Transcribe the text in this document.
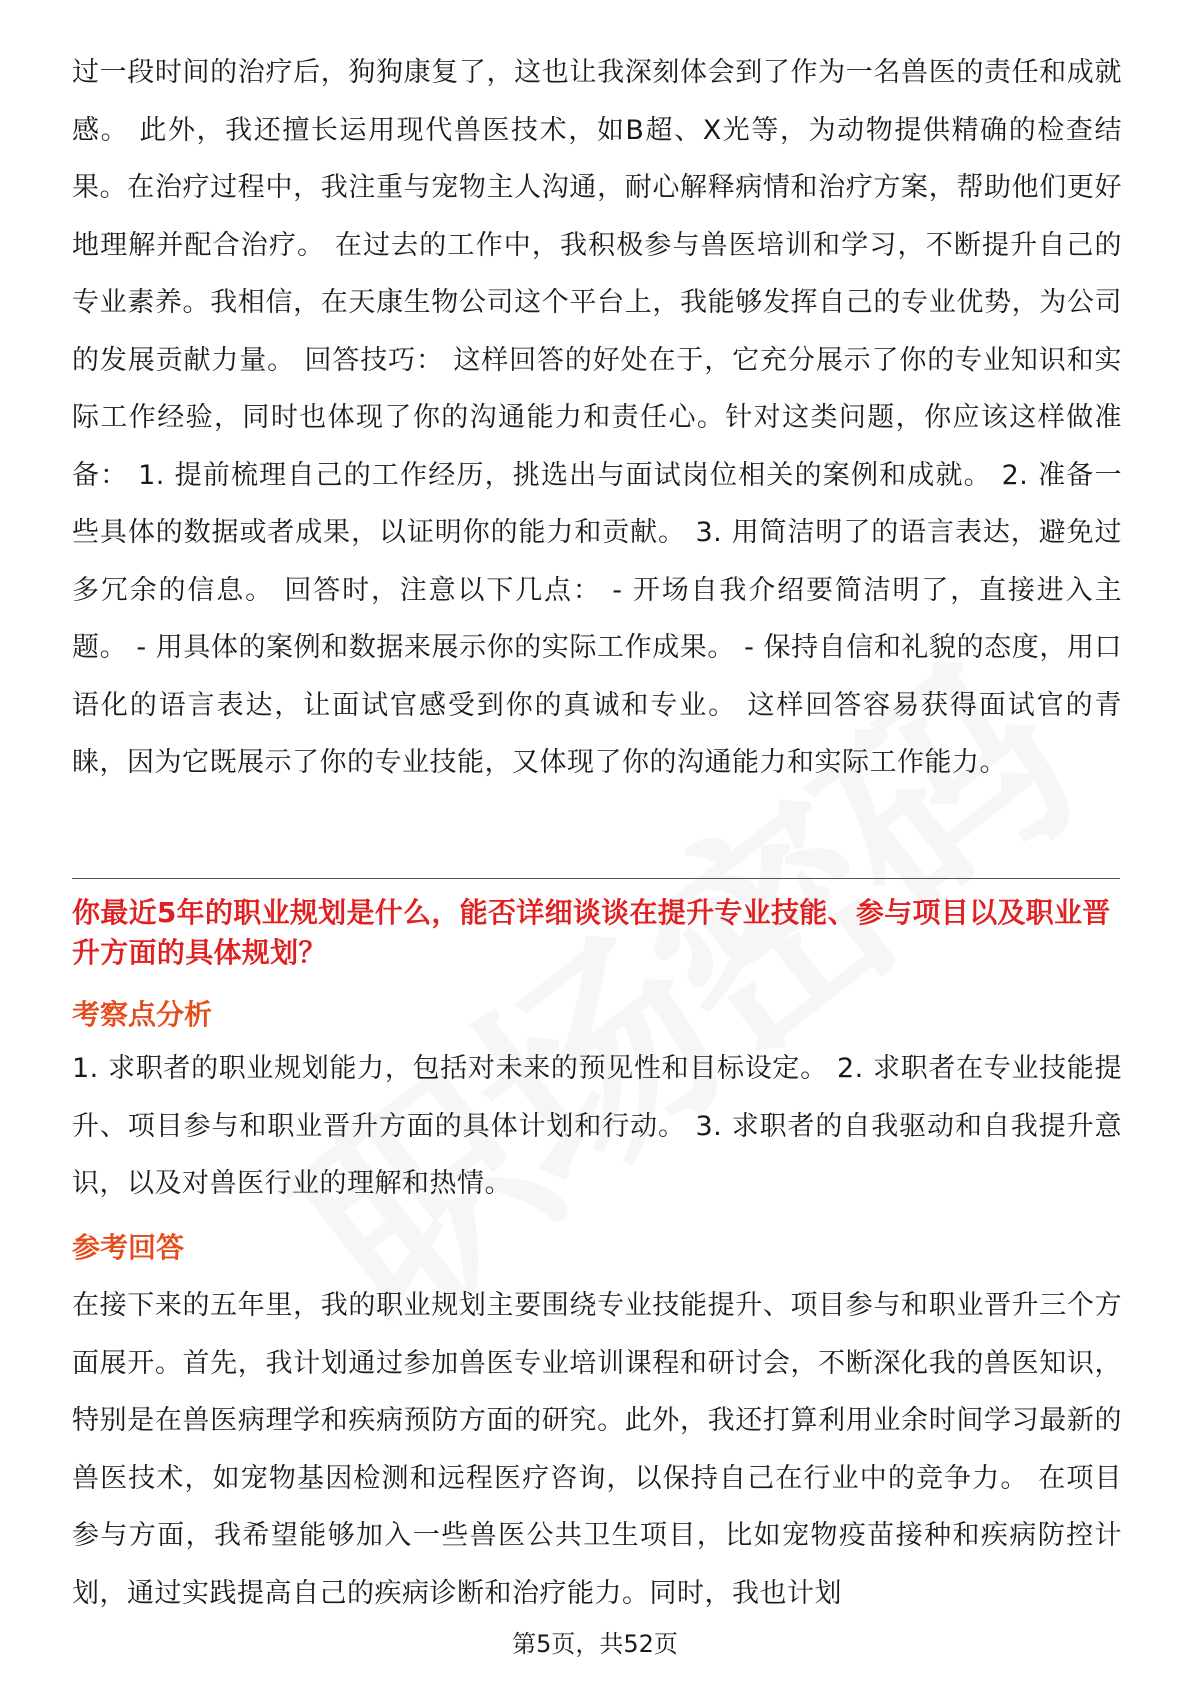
过一段时间的治疗后，狗狗康复了，这也让我深刻体会到了作为一名兽医的责任和成就感。 此外，我还擅长运用现代兽医技术，如B超、X光等，为动物提供精确的检查结果。在治疗过程中，我注重与宠物主人沟通，耐心解释病情和治疗方案，帮助他们更好地理解并配合治疗。 在过去的工作中，我积极参与兽医培训和学习，不断提升自己的专业素养。我相信，在天康生物公司这个平台上，我能够发挥自己的专业优势，为公司的发展贡献力量。 回答技巧： 这样回答的好处在于，它充分展示了你的专业知识和实际工作经验，同时也体现了你的沟通能力和责任心。针对这类问题，你应该这样做准备： 1. 提前梳理自己的工作经历，挑选出与面试岗位相关的案例和成就。 2. 准备一些具体的数据或者成果，以证明你的能力和贡献。 3. 用简洁明了的语言表达，避免过多冗余的信息。 回答时，注意以下几点： - 开场自我介绍要简洁明了，直接进入主题。 - 用具体的案例和数据来展示你的实际工作成果。 - 保持自信和礼貌的态度，用口语化的语言表达，让面试官感受到你的真诚和专业。 这样回答容易获得面试官的青睐，因为它既展示了你的专业技能，又体现了你的沟通能力和实际工作能力。

你最近5年的职业规划是什么，能否详细谈谈在提升专业技能、参与项目以及职业晋升方面的具体规划？

考察点分析

1. 求职者的职业规划能力，包括对未来的预见性和目标设定。 2. 求职者在专业技能提升、项目参与和职业晋升方面的具体计划和行动。 3. 求职者的自我驱动和自我提升意识，以及对兽医行业的理解和热情。

参考回答

在接下来的五年里，我的职业规划主要围绕专业技能提升、项目参与和职业晋升三个方面展开。首先，我计划通过参加兽医专业培训课程和研讨会，不断深化我的兽医知识，特别是在兽医病理学和疾病预防方面的研究。此外，我还打算利用业余时间学习最新的兽医技术，如宠物基因检测和远程医疗咨询，以保持自己在行业中的竞争力。 在项目参与方面，我希望能够加入一些兽医公共卫生项目，比如宠物疫苗接种和疾病防控计划，通过实践提高自己的疾病诊断和治疗能力。同时，我也计划

第5页，共52页
